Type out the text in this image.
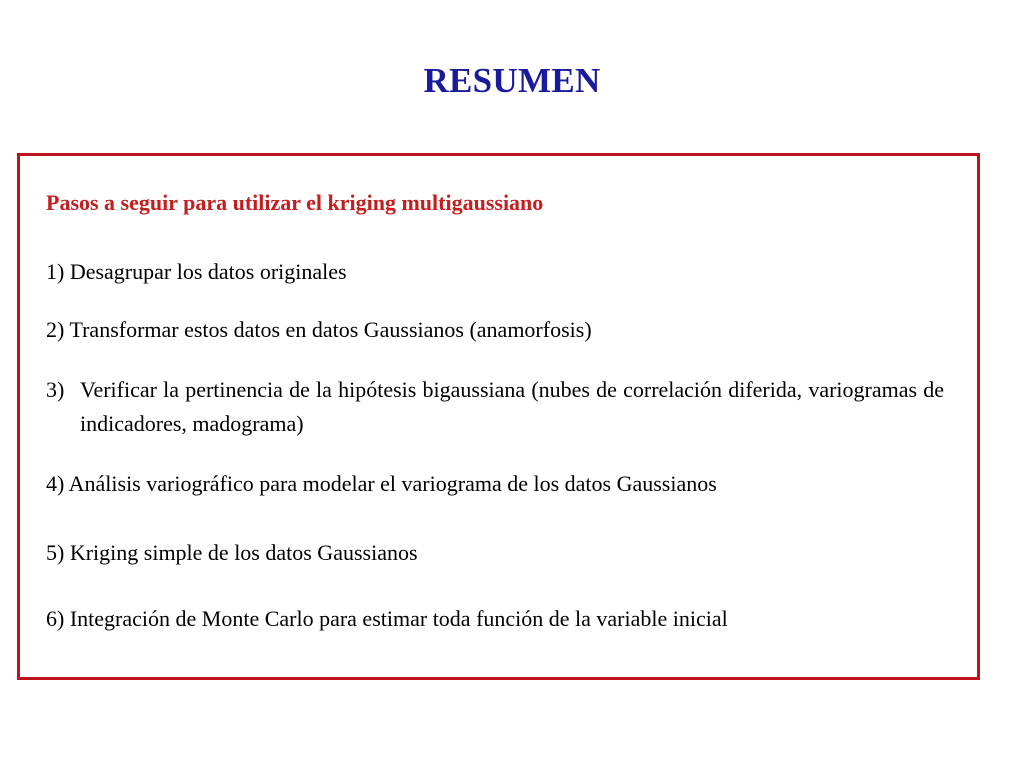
RESUMEN
Pasos a seguir para utilizar el kriging multigaussiano
1) Desagrupar los datos originales
2) Transformar estos datos en datos Gaussianos (anamorfosis)
3) Verificar la pertinencia de la hipótesis bigaussiana (nubes de correlación diferida, variogramas de indicadores, madograma)
4) Análisis variográfico para modelar el variograma de los datos Gaussianos
5) Kriging simple de los datos Gaussianos
6) Integración de Monte Carlo para estimar toda función de la variable inicial
